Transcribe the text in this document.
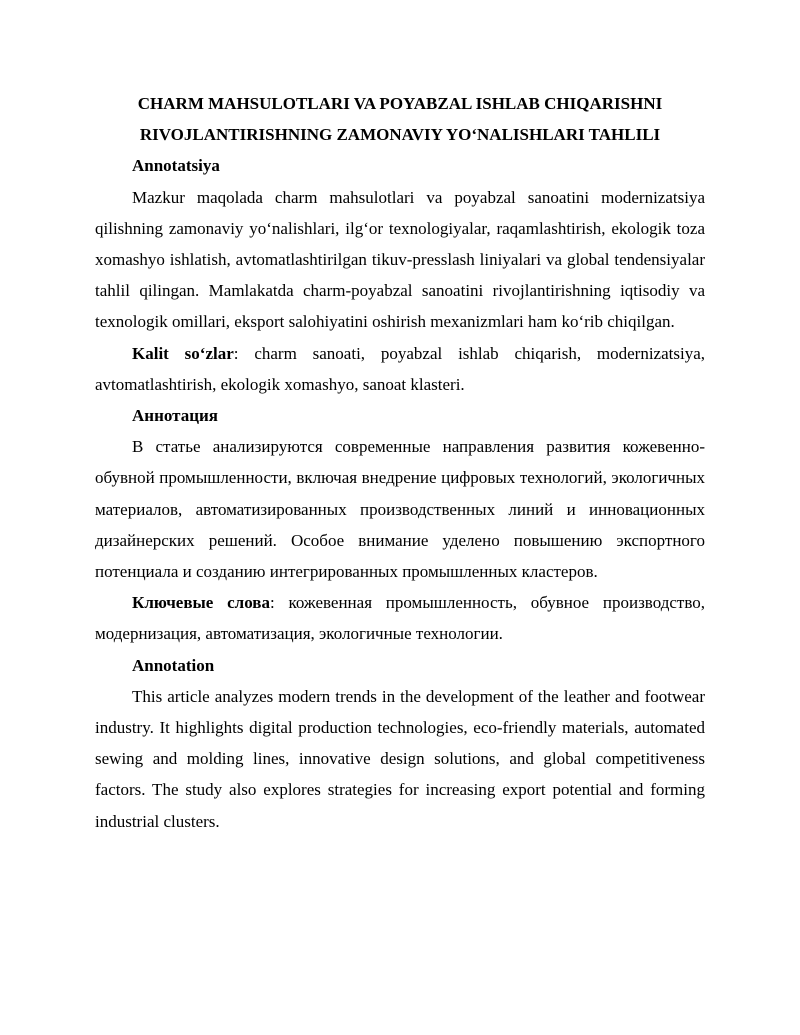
CHARM MAHSULOTLARI VA POYABZAL ISHLAB CHIQARISHNI
RIVOJLANTIRISHNING ZAMONAVIY YO‘NALISHLARI TAHLILI

Annotatsiya

Mazkur maqolada charm mahsulotlari va poyabzal sanoatini modernizatsiya qilishning zamonaviy yo‘nalishlari, ilg‘or texnologiyalar, raqamlashtirish, ekologik toza xomashyo ishlatish, avtomatlashtirilgan tikuv-presslash liniyalari va global tendensiyalar tahlil qilingan. Mamlakatda charm-poyabzal sanoatini rivojlantirishning iqtisodiy va texnologik omillari, eksport salohiyatini oshirish mexanizmlari ham ko‘rib chiqilgan.

Kalit so‘zlar: charm sanoati, poyabzal ishlab chiqarish, modernizatsiya, avtomatlashtirish, ekologik xomashyo, sanoat klasteri.

Аннотация

В статье анализируются современные направления развития кожевенно-обувной промышленности, включая внедрение цифровых технологий, экологичных материалов, автоматизированных производственных линий и инновационных дизайнерских решений. Особое внимание уделено повышению экспортного потенциала и созданию интегрированных промышленных кластеров.

Ключевые слова: кожевенная промышленность, обувное производство, модернизация, автоматизация, экологичные технологии.

Annotation

This article analyzes modern trends in the development of the leather and footwear industry. It highlights digital production technologies, eco-friendly materials, automated sewing and molding lines, innovative design solutions, and global competitiveness factors. The study also explores strategies for increasing export potential and forming industrial clusters.
